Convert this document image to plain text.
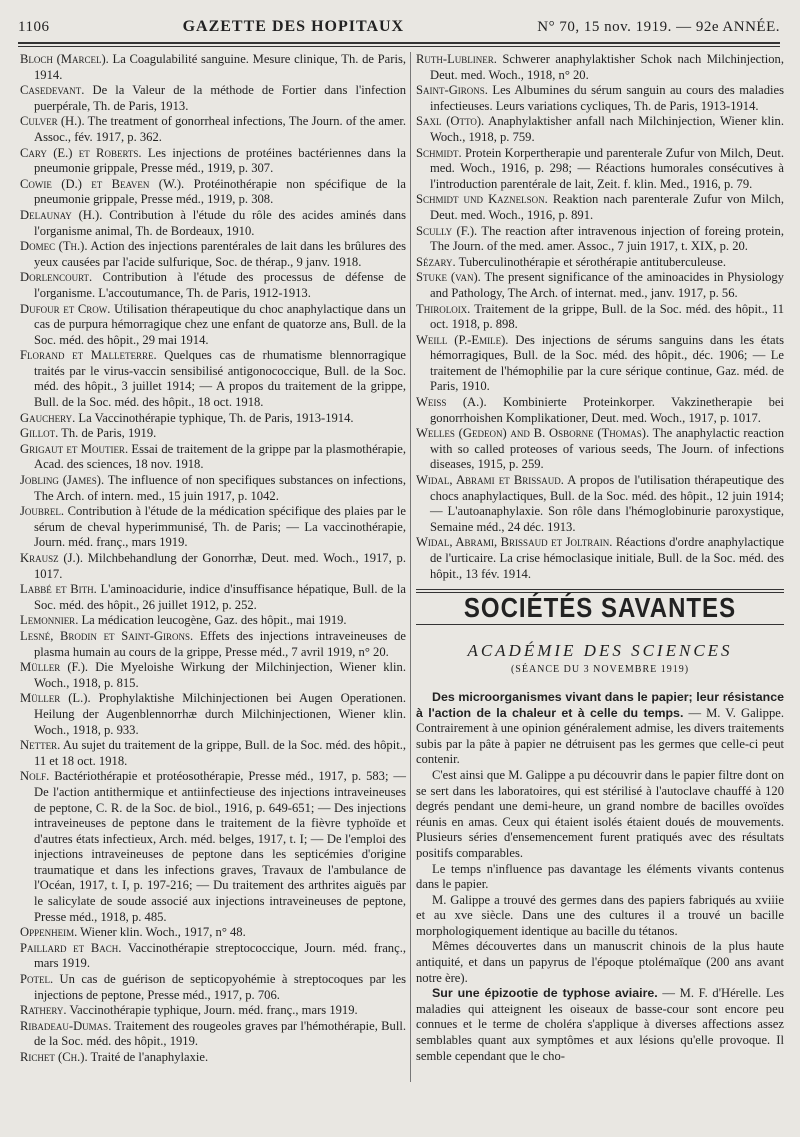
1106	GAZETTE DES HOPITAUX	N° 70, 15 nov. 1919. — 92e ANNÉE.

Bloch (Marcel). La Coagulabilité sanguine. Mesure clinique, Th. de Paris, 1914.

Casedevant. De la Valeur de la méthode de Fortier dans l'infection puerpérale, Th. de Paris, 1913.

Culver (H.). The treatment of gonorrheal infections, The Journ. of the amer. Assoc., fév. 1917, p. 362.

Cary (E.) et Roberts. Les injections de protéines bactériennes dans la pneumonie grippale, Presse méd., 1919, p. 307.

Cowie (D.) et Beaven (W.). Protéinothérapie non spécifique de la pneumonie grippale, Presse méd., 1919, p. 308.

Delaunay (H.). Contribution à l'étude du rôle des acides aminés dans l'organisme animal, Th. de Bordeaux, 1910.

Domec (Th.). Action des injections parentérales de lait dans les brûlures des yeux causées par l'acide sulfurique, Soc. de thérap., 9 janv. 1918.

Dorlencourt. Contribution à l'étude des processus de défense de l'organisme. L'accoutumance, Th. de Paris, 1912-1913.

Dufour et Crow. Utilisation thérapeutique du choc anaphylactique dans un cas de purpura hémorragique chez une enfant de quatorze ans, Bull. de la Soc. méd. des hôpit., 29 mai 1914.

Florand et Malleterre. Quelques cas de rhumatisme blennorragique traités par le virus-vaccin sensibilisé antigonococcique, Bull. de la Soc. méd. des hôpit., 3 juillet 1914; — A propos du traitement de la grippe, Bull. de la Soc. méd. des hôpit., 18 oct. 1918.

Gauchery. La Vaccinothérapie typhique, Th. de Paris, 1913-1914.

Gillot. Th. de Paris, 1919.

Grigaut et Moutier. Essai de traitement de la grippe par la plasmothérapie, Acad. des sciences, 18 nov. 1918.

Jobling (James). The influence of non specifiques substances on infections, The Arch. of intern. med., 15 juin 1917, p. 1042.

Joubrel. Contribution à l'étude de la médication spécifique des plaies par le sérum de cheval hyperimmunisé, Th. de Paris; — La vaccinothérapie, Journ. méd. franç., mars 1919.

Krausz (J.). Milchbehandlung der Gonorrhæ, Deut. med. Woch., 1917, p. 1017.

Labbé et Bith. L'aminoacidurie, indice d'insuffisance hépatique, Bull. de la Soc. méd. des hôpit., 26 juillet 1912, p. 252.

Lemonnier. La médication leucogène, Gaz. des hôpit., mai 1919.

Lesné, Brodin et Saint-Girons. Effets des injections intraveineuses de plasma humain au cours de la grippe, Presse méd., 7 avril 1919, n° 20.

Müller (F.). Die Myeloishe Wirkung der Milchinjection, Wiener klin. Woch., 1918, p. 815.

Müller (L.). Prophylaktishe Milchinjectionen bei Augen Operationen. Heilung der Augenblennorrhæ durch Milchinjectionen, Wiener klin. Woch., 1918, p. 933.

Netter. Au sujet du traitement de la grippe, Bull. de la Soc. méd. des hôpit., 11 et 18 oct. 1918.

Nolf. Bactériothérapie et protéosothérapie, Presse méd., 1917, p. 583; — De l'action antithermique et antiinfectieuse des injections intraveineuses de peptone, C. R. de la Soc. de biol., 1916, p. 649-651; — Des injections intraveineuses de peptone dans le traitement de la fièvre typhoïde et d'autres états infectieux, Arch. méd. belges, 1917, t. I; — De l'emploi des injections intraveineuses de peptone dans les septicémies d'origine traumatique et dans les infections graves, Travaux de l'ambulance de l'Océan, 1917, t. I, p. 197-216; — Du traitement des arthrites aiguës par le salicylate de soude associé aux injections intraveineuses de peptone, Presse méd., 1918, p. 485.

Oppenheim. Wiener klin. Woch., 1917, n° 48.

Paillard et Bach. Vaccinothérapie streptococcique, Journ. méd. franç., mars 1919.

Potel. Un cas de guérison de septicopyohémie à streptocoques par les injections de peptone, Presse méd., 1917, p. 706.

Rathery. Vaccinothérapie typhique, Journ. méd. franç., mars 1919.

Ribadeau-Dumas. Traitement des rougeoles graves par l'hémothérapie, Bull. de la Soc. méd. des hôpit., 1919.

Richet (Ch.). Traité de l'anaphylaxie.

Ruth-Lubliner. Schwerer anaphylaktisher Schok nach Milchinjection, Deut. med. Woch., 1918, n° 20.

Saint-Girons. Les Albumines du sérum sanguin au cours des maladies infectieuses. Leurs variations cycliques, Th. de Paris, 1913-1914.

Saxl (Otto). Anaphylaktisher anfall nach Milchinjection, Wiener klin. Woch., 1918, p. 759.

Schmidt. Protein Korpertherapie und parenterale Zufur von Milch, Deut. med. Woch., 1916, p. 298; — Réactions humorales consécutives à l'introduction parentérale de lait, Zeit. f. klin. Med., 1916, p. 79.

Schmidt und Kaznelson. Reaktion nach parenterale Zufur von Milch, Deut. med. Woch., 1916, p. 891.

Scully (F.). The reaction after intravenous injection of foreing protein, The Journ. of the med. amer. Assoc., 7 juin 1917, t. XIX, p. 20.

Sézary. Tuberculinothérapie et sérothérapie antituberculeuse.

Stuke (van). The present significance of the aminoacides in Physiology and Pathology, The Arch. of internat. med., janv. 1917, p. 56.

Thiroloix. Traitement de la grippe, Bull. de la Soc. méd. des hôpit., 11 oct. 1918, p. 898.

Weill (P.-Emile). Des injections de sérums sanguins dans les états hémorragiques, Bull. de la Soc. méd. des hôpit., déc. 1906; — Le traitement de l'hémophilie par la cure sérique continue, Gaz. méd. de Paris, 1910.

Weiss (A.). Kombinierte Proteinkorper. Vakzinetherapie bei gonorrhoishen Komplikationer, Deut. med. Woch., 1917, p. 1017.

Welles (Gedeon) and B. Osborne (Thomas). The anaphylactic reaction with so called proteoses of various seeds, The Journ. of infections diseases, 1915, p. 259.

Widal, Abrami et Brissaud. A propos de l'utilisation thérapeutique des chocs anaphylactiques, Bull. de la Soc. méd. des hôpit., 12 juin 1914; — L'autoanaphylaxie. Son rôle dans l'hémoglobinurie paroxystique, Semaine méd., 24 déc. 1913.

Widal, Abrami, Brissaud et Joltrain. Réactions d'ordre anaphylactique de l'urticaire. La crise hémoclasique initiale, Bull. de la Soc. méd. des hôpit., 13 fév. 1914.

SOCIÉTÉS SAVANTES
ACADÉMIE DES SCIENCES
(SÉANCE DU 3 NOVEMBRE 1919)

Des microorganismes vivant dans le papier; leur résistance à l'action de la chaleur et à celle du temps. — M. V. Galippe. Contrairement à une opinion généralement admise, les divers traitements subis par la pâte à papier ne détruisent pas les germes que celle-ci peut contenir.

C'est ainsi que M. Galippe a pu découvrir dans le papier filtre dont on se sert dans les laboratoires, qui est stérilisé à l'autoclave chauffé à 120 degrés pendant une demi-heure, un grand nombre de bacilles ovoïdes réunis en amas. Ceux qui étaient isolés étaient doués de mouvements. Plusieurs séries d'ensemencement furent pratiqués avec des résultats positifs comparables.

Le temps n'influence pas davantage les éléments vivants contenus dans le papier.

M. Galippe a trouvé des germes dans des papiers fabriqués au xviiie et au xve siècle. Dans une des cultures il a trouvé un bacille morphologiquement identique au bacille du tétanos.

Mêmes découvertes dans un manuscrit chinois de la plus haute antiquité, et dans un papyrus de l'époque ptolémaïque (200 ans avant notre ère).

Sur une épizootie de typhose aviaire. — M. F. d'Hérelle. Les maladies qui atteignent les oiseaux de basse-cour sont encore peu connues et le terme de choléra s'applique à diverses affections assez semblables quant aux symptômes et aux lésions qu'elle provoque. Il semble cependant que le cho-
